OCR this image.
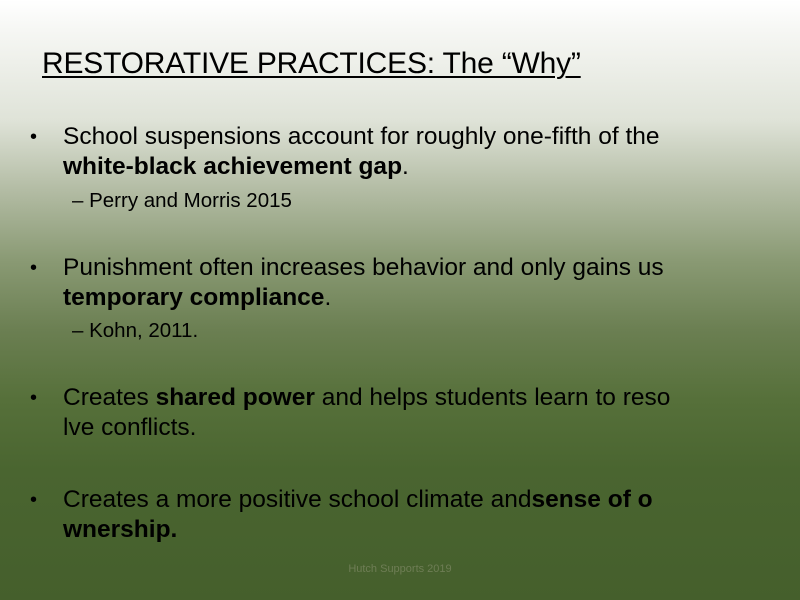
RESTORATIVE PRACTICES: The “Why”
•	School suspensions account for roughly one-fifth of the
white-black achievement gap.
– Perry and Morris 2015
•	Punishment often increases behavior and only gains us
temporary compliance.
– Kohn, 2011.
•	Creates shared power and helps students learn to reso
lve conflicts.
•	Creates a more positive school climate andsense of o
wnership.
Hutch Supports 2019
